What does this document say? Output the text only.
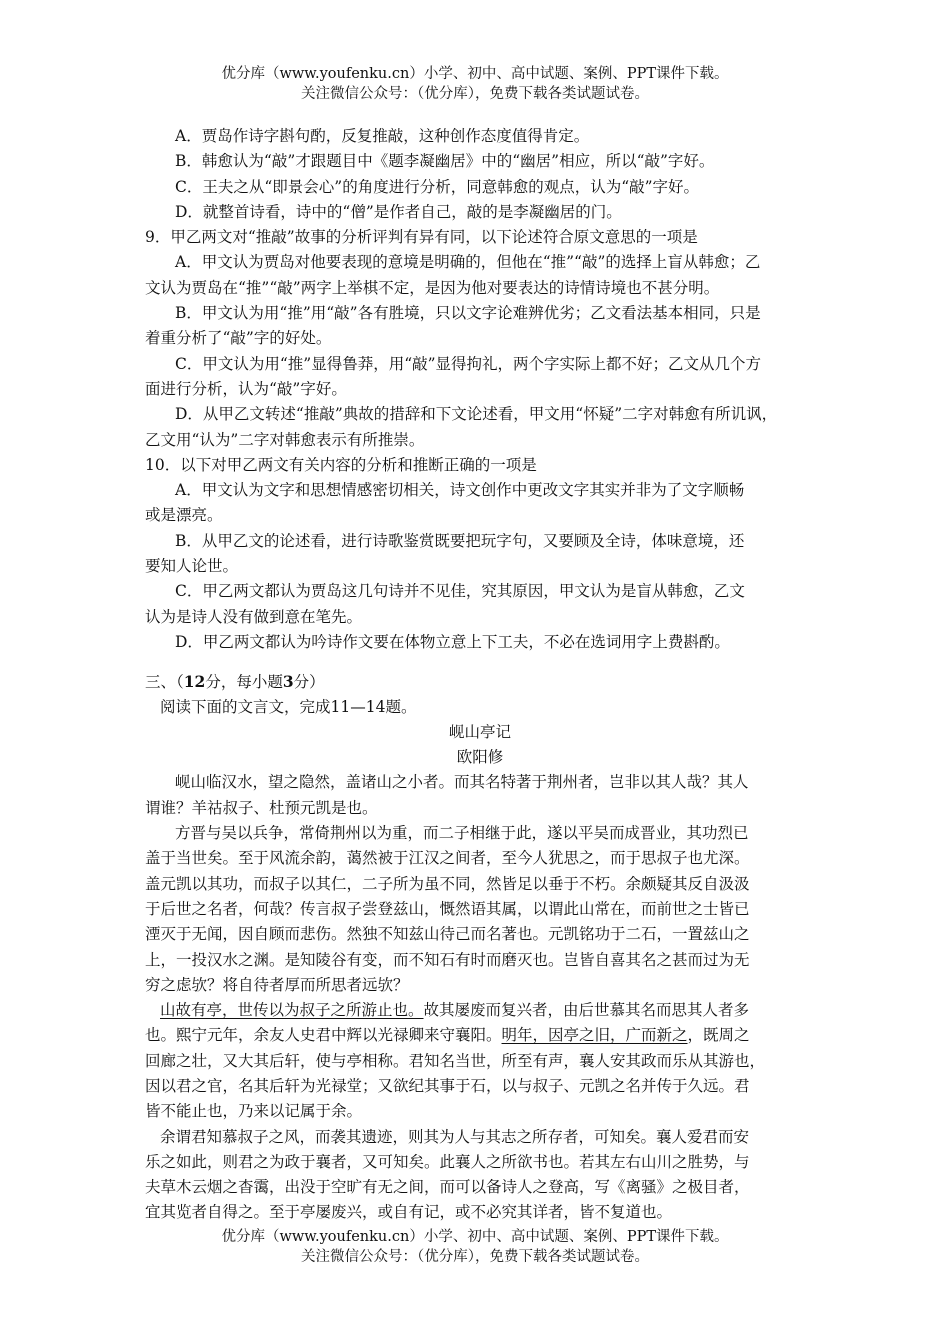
优分库（www.youfenku.cn）小学、初中、高中试题、案例、PPT课件下载。
关注微信公众号：（优分库），免费下载各类试题试卷。
A．贾岛作诗字斟句酌，反复推敲，这种创作态度值得肯定。
B．韩愈认为“敲”才跟题目中《题李凝幽居》中的“幽居”相应，所以“敲”字好。
C．王夫之从“即景会心”的角度进行分析，同意韩愈的观点，认为“敲”字好。
D．就整首诗看，诗中的“僧”是作者自己，敲的是李凝幽居的门。
9．甲乙两文对“推敲”故事的分析评判有异有同，以下论述符合原文意思的一项是
A．甲文认为贾岛对他要表现的意境是明确的，但他在“推”“敲”的选择上盲从韩愈；乙
文认为贾岛在“推”“敲”两字上举棋不定，是因为他对要表达的诗情诗境也不甚分明。
B．甲文认为用“推”用“敲”各有胜境，只以文字论难辨优劣；乙文看法基本相同，只是
着重分析了“敲”字的好处。
C．甲文认为用“推”显得鲁莽，用“敲”显得拘礼，两个字实际上都不好；乙文从几个方
面进行分析，认为“敲”字好。
D．从甲乙文转述“推敲”典故的措辞和下文论述看，甲文用“怀疑”二字对韩愈有所讥讽，
乙文用“认为”二字对韩愈表示有所推崇。
10．以下对甲乙两文有关内容的分析和推断正确的一项是
A．甲文认为文字和思想情感密切相关，诗文创作中更改文字其实并非为了文字顺畅
或是漂亮。
B．从甲乙文的论述看，进行诗歌鉴赏既要把玩字句，又要顾及全诗，体味意境，还
要知人论世。
C．甲乙两文都认为贾岛这几句诗并不见佳，究其原因，甲文认为是盲从韩愈，乙文
认为是诗人没有做到意在笔先。
D．甲乙两文都认为吟诗作文要在体物立意上下工夫，不必在选词用字上费斟酌。
三、（12分，每小题3分）
阅读下面的文言文，完成11—14题。
岘山亭记
欧阳修
岘山临汉水，望之隐然，盖诸山之小者。而其名特著于荆州者，岂非以其人哉？其人
谓谁？羊祜叔子、杜预元凯是也。
方晋与吴以兵争，常倚荆州以为重，而二子相继于此，遂以平吴而成晋业，其功烈已
盖于当世矣。至于风流余韵，蔼然被于江汉之间者，至今人犹思之，而于思叔子也尤深。
盖元凯以其功，而叔子以其仁，二子所为虽不同，然皆足以垂于不朽。余颇疑其反自汲汲
于后世之名者，何哉？传言叔子尝登兹山，慨然语其属，以谓此山常在，而前世之士皆已
湮灭于无闻，因自顾而悲伤。然独不知兹山待己而名著也。元凯铭功于二石，一置兹山之
上，一投汉水之渊。是知陵谷有变，而不知石有时而磨灭也。岂皆自喜其名之甚而过为无
穷之虑欤？将自待者厚而所思者远欤？
山故有亭，世传以为叔子之所游止也。故其屡废而复兴者，由后世慕其名而思其人者多
也。熙宁元年，余友人史君中辉以光禄卿来守襄阳。明年，因亭之旧，广而新之，既周之
回廊之壮，又大其后轩，使与亭相称。君知名当世，所至有声，襄人安其政而乐从其游也，
因以君之官，名其后轩为光禄堂；又欲纪其事于石，以与叔子、元凯之名并传于久远。君
皆不能止也，乃来以记属于余。
余谓君知慕叔子之风，而袭其遗迹，则其为人与其志之所存者，可知矣。襄人爱君而安
乐之如此，则君之为政于襄者，又可知矣。此襄人之所欲书也。若其左右山川之胜势，与
夫草木云烟之杳霭，出没于空旷有无之间，而可以备诗人之登高，写《离骚》之极目者，
宜其览者自得之。至于亭屡废兴，或自有记，或不必究其详者，皆不复道也。
优分库（www.youfenku.cn）小学、初中、高中试题、案例、PPT课件下载。
关注微信公众号：（优分库），免费下载各类试题试卷。
